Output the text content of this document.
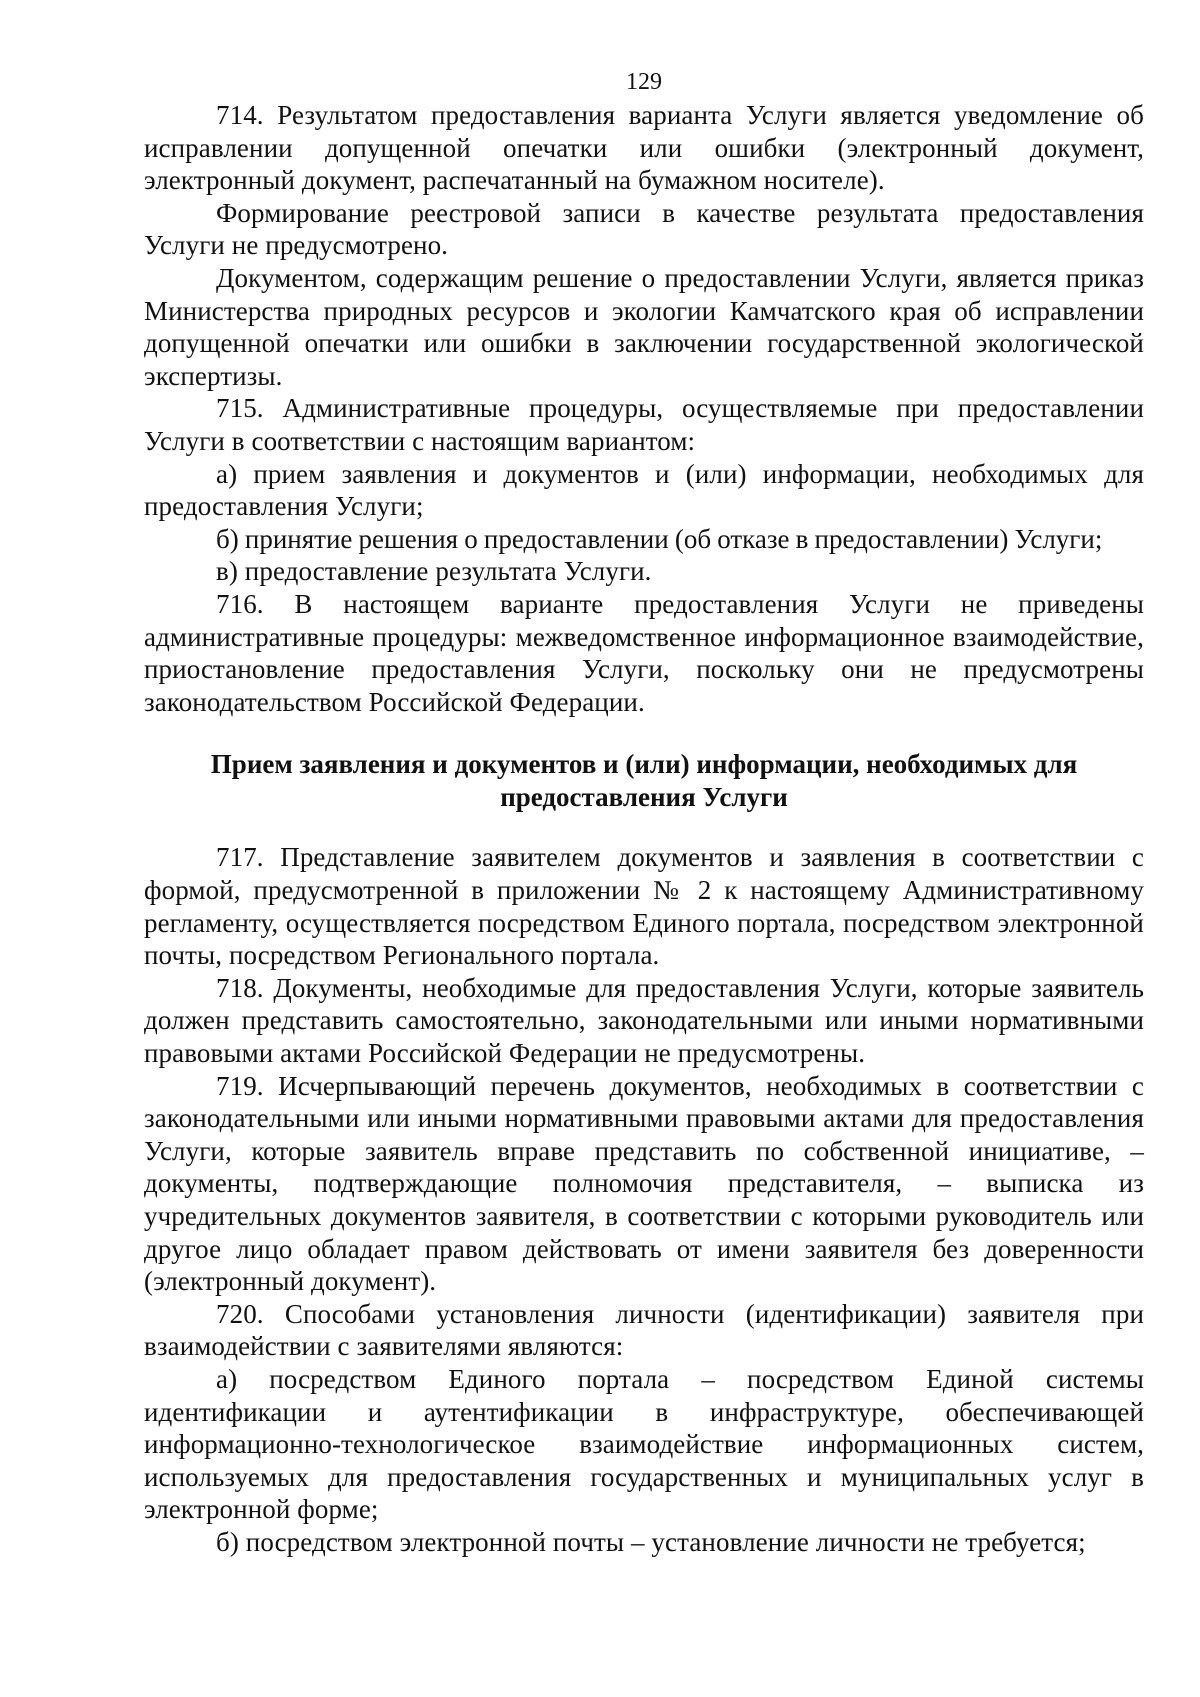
129

714. Результатом предоставления варианта Услуги является уведомление об исправлении допущенной опечатки или ошибки (электронный документ, электронный документ, распечатанный на бумажном носителе).

Формирование реестровой записи в качестве результата предоставления Услуги не предусмотрено.

Документом, содержащим решение о предоставлении Услуги, является приказ Министерства природных ресурсов и экологии Камчатского края об исправлении допущенной опечатки или ошибки в заключении государственной экологической экспертизы.

715. Административные процедуры, осуществляемые при предоставлении Услуги в соответствии с настоящим вариантом:

а) прием заявления и документов и (или) информации, необходимых для предоставления Услуги;

б) принятие решения о предоставлении (об отказе в предоставлении) Услуги;

в) предоставление результата Услуги.

716. В настоящем варианте предоставления Услуги не приведены административные процедуры: межведомственное информационное взаимодействие, приостановление предоставления Услуги, поскольку они не предусмотрены законодательством Российской Федерации.

Прием заявления и документов и (или) информации, необходимых для предоставления Услуги

717. Представление заявителем документов и заявления в соответствии с формой, предусмотренной в приложении № 2 к настоящему Административному регламенту, осуществляется посредством Единого портала, посредством электронной почты, посредством Регионального портала.

718. Документы, необходимые для предоставления Услуги, которые заявитель должен представить самостоятельно, законодательными или иными нормативными правовыми актами Российской Федерации не предусмотрены.

719. Исчерпывающий перечень документов, необходимых в соответствии с законодательными или иными нормативными правовыми актами для предоставления Услуги, которые заявитель вправе представить по собственной инициативе, – документы, подтверждающие полномочия представителя, – выписка из учредительных документов заявителя, в соответствии с которыми руководитель или другое лицо обладает правом действовать от имени заявителя без доверенности (электронный документ).

720. Способами установления личности (идентификации) заявителя при взаимодействии с заявителями являются:

а) посредством Единого портала – посредством Единой системы идентификации и аутентификации в инфраструктуре, обеспечивающей информационно-технологическое взаимодействие информационных систем, используемых для предоставления государственных и муниципальных услуг в электронной форме;

б) посредством электронной почты – установление личности не требуется;
